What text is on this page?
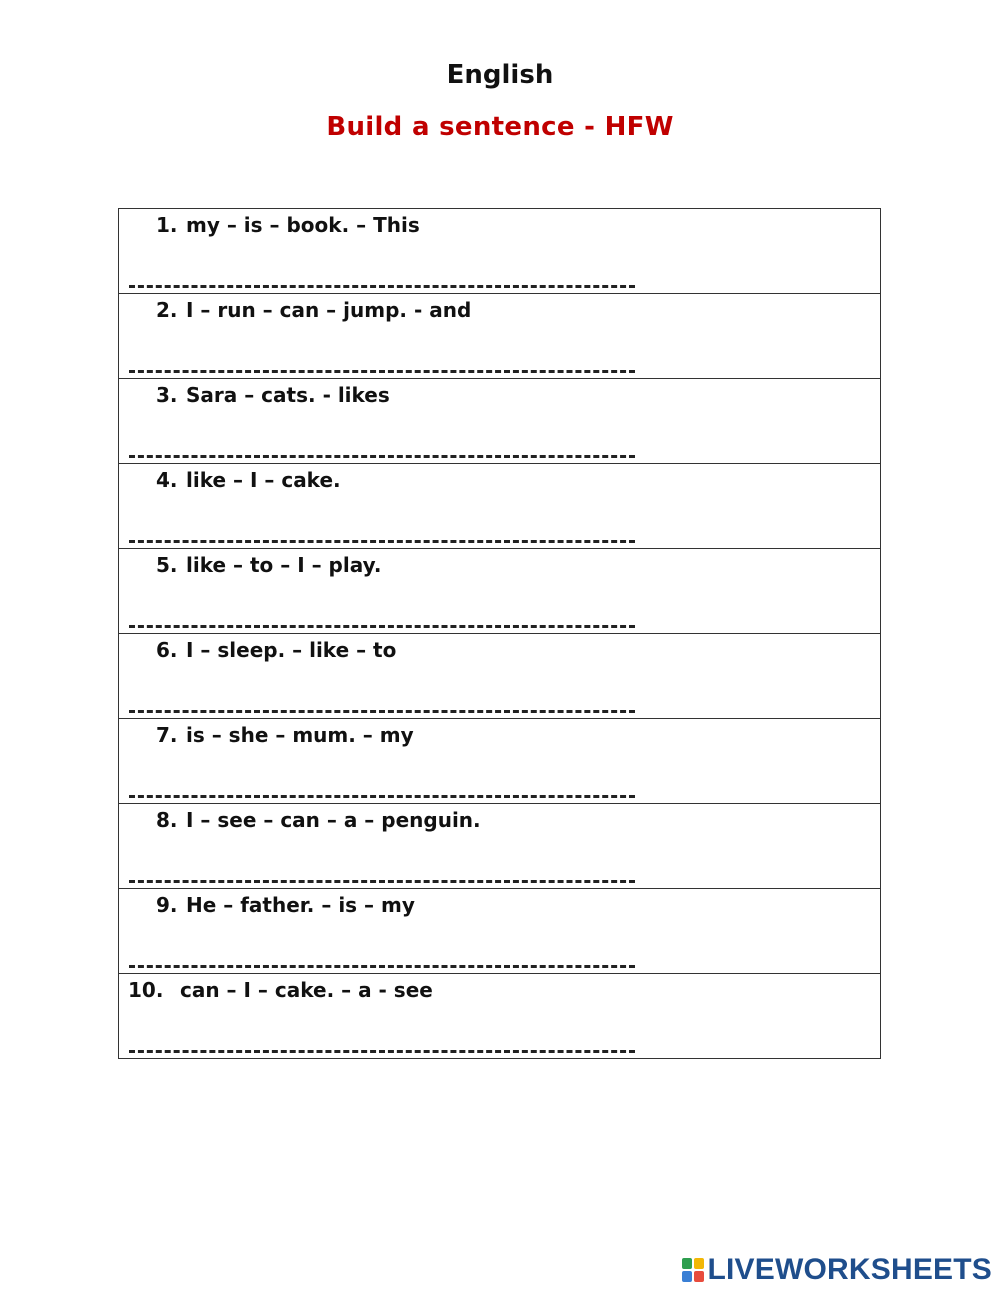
English
Build a sentence - HFW
1. my – is – book. – This

2. I – run – can – jump. - and

3. Sara – cats. - likes

4. like – I – cake.

5. like – to – I – play.

6. I – sleep. – like – to

7. is – she – mum. – my

8. I – see – can – a – penguin.

9. He – father. – is – my

10. can – I – cake. – a - see
LIVEWORKSHEETS
